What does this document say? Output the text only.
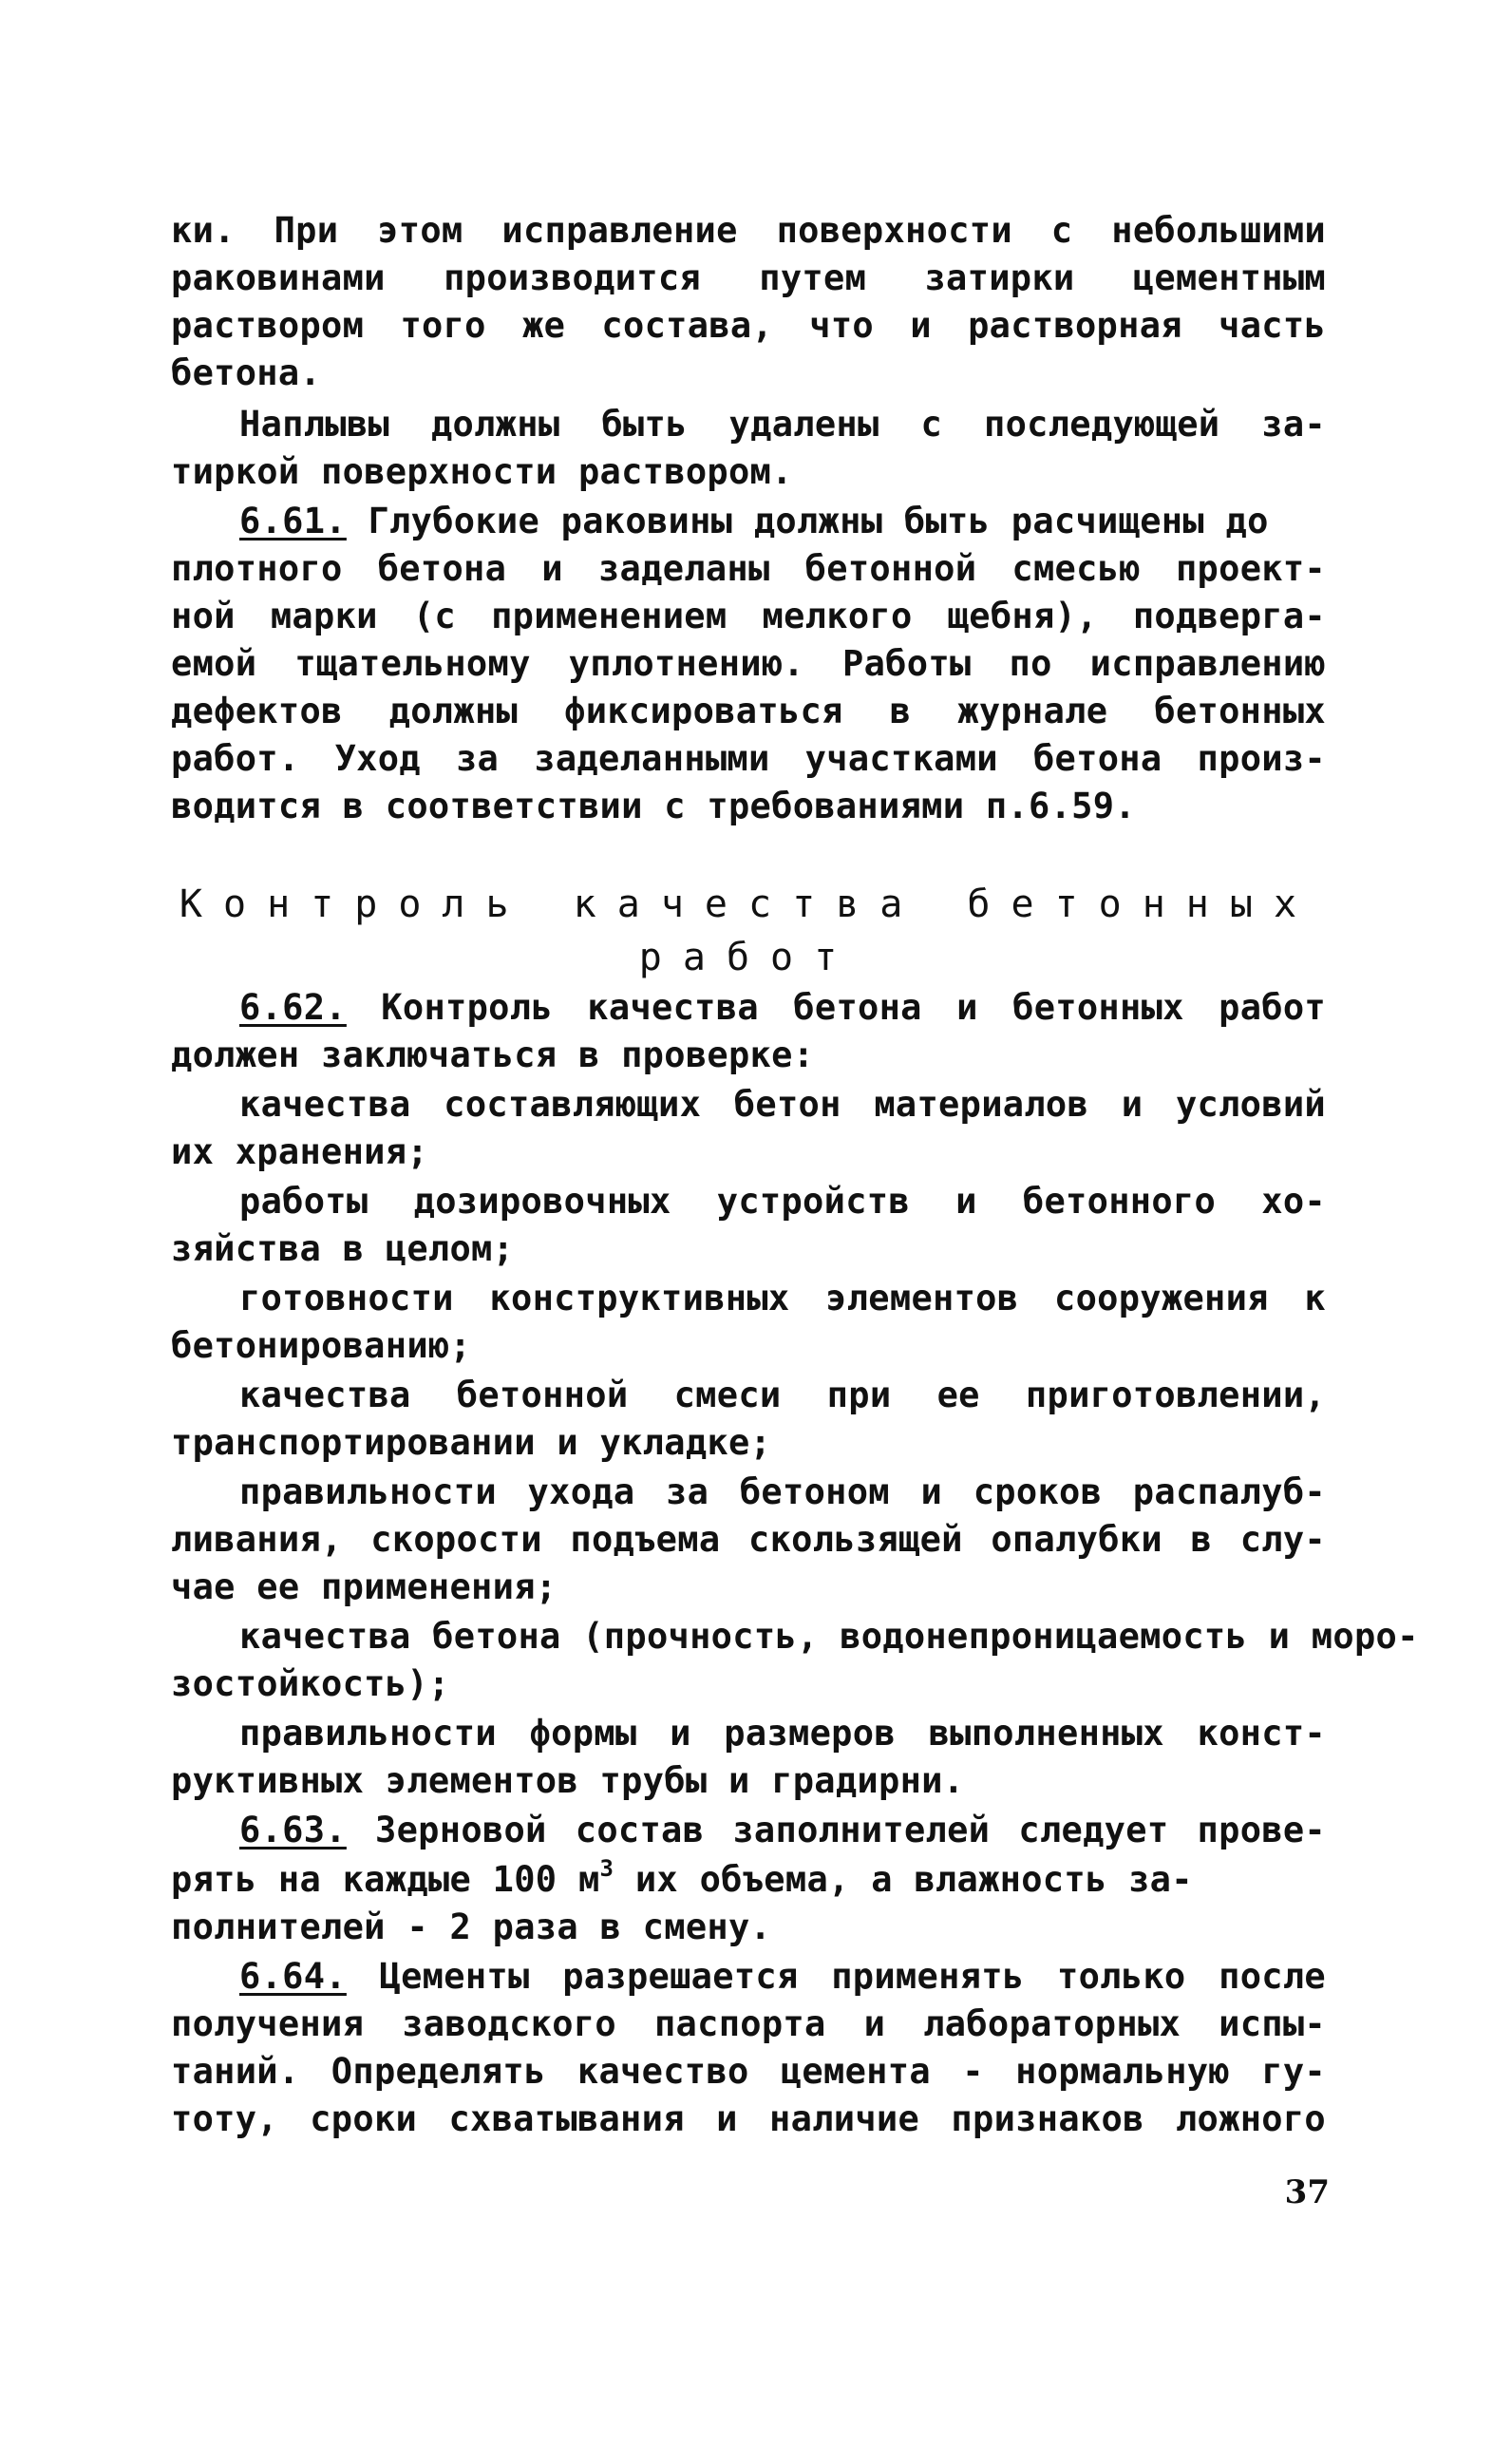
ки. При этом исправление поверхности с небольшими
раковинами производится путем затирки цементным
раствором того же состава, что и растворная часть
бетона.
Наплывы должны быть удалены с последующей за-
тиркой поверхности раствором.
6.61. Глубокие раковины должны быть расчищены до
плотного бетона и заделаны бетонной смесью проект-
ной марки (с применением мелкого щебня), подверга-
емой тщательному уплотнению. Работы по исправлению
дефектов должны фиксироваться в журнале бетонных
работ. Уход за заделанными участками бетона произ-
водится в соответствии с требованиями п.6.59.
Контроль качества бетонных
работ
6.62. Контроль качества бетона и бетонных работ
должен заключаться в проверке:
качества составляющих бетон материалов и условий
их хранения;
работы дозировочных устройств и бетонного хо-
зяйства в целом;
готовности конструктивных элементов сооружения к
бетонированию;
качества бетонной смеси при ее приготовлении,
транспортировании и укладке;
правильности ухода за бетоном и сроков распалуб-
ливания, скорости подъема скользящей опалубки в слу-
чае ее применения;
качества бетона (прочность, водонепроницаемость и моро-
зостойкость);
правильности формы и размеров выполненных конст-
руктивных элементов трубы и градирни.
6.63. Зерновой состав заполнителей следует прове-
рять на каждые 100 $м^3$ их объема, а влажность за-
полнителей - 2 раза в смену.
6.64. Цементы разрешается применять только после
получения заводского паспорта и лабораторных испы-
таний. Определять качество цемента - нормальную гу-
тоту, сроки схватывания и наличие признаков ложного
37
